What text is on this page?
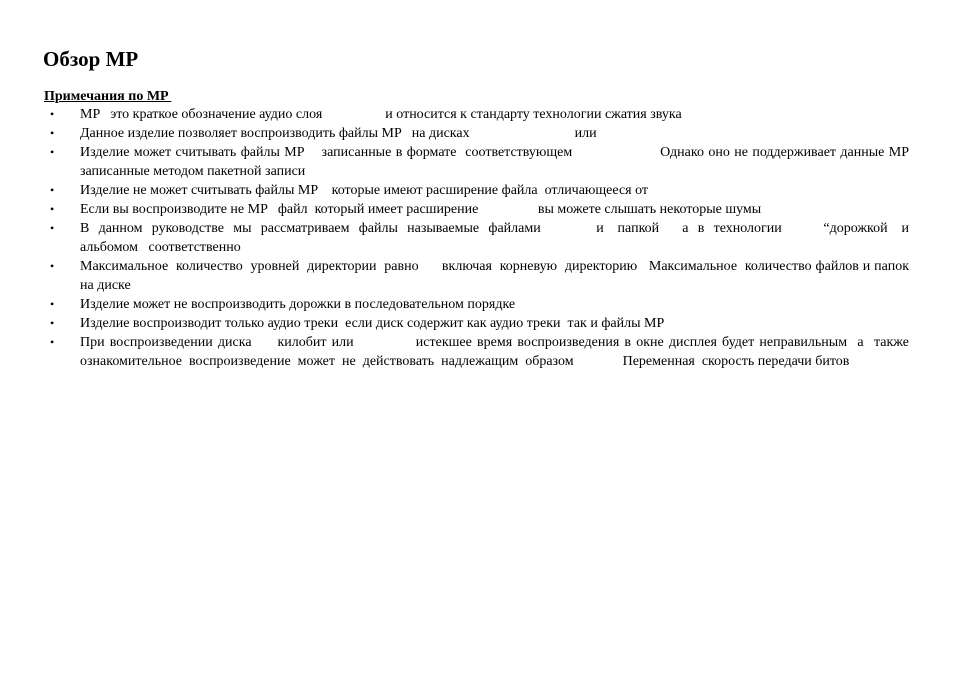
Обзор MP
Примечания по MP
• MP   это краткое обозначение аудио слоя                  и относится к стандарту технологии сжатия звука
• Данное изделие позволяет воспроизводить файлы MP   на дисках                              или
• Изделие может считывать файлы MP    записанные в формате  соответствующем                    Однако оно не поддерживает данные MP    записанные методом пакетной записи
• Изделие не может считывать файлы MP    которые имеют расширение файла  отличающееся от
• Если вы воспроизводите не MP   файл  который имеет расширение                 вы можете слышать некоторые шумы
• В  данном  руководстве  мы  рассматриваем  файлы  называемые  файлами            и   папкой     а  в  технологии         “дорожкой   и   альбомом   соответственно
• Максимальное  количество  уровней  директории  равно      включая  корневую  директорию   Максимальное  количество файлов и папок на диске
• Изделие может не воспроизводить дорожки в последовательном порядке
• Изделие воспроизводит только аудио треки  если диск содержит как аудио треки  так и файлы MP
• При воспроизведении диска     килобит или            истекшее время воспроизведения в окне дисплея будет неправильным  а  также  ознакомительное  воспроизведение  может  не  действовать  надлежащим  образом              Переменная  скорость передачи битов
